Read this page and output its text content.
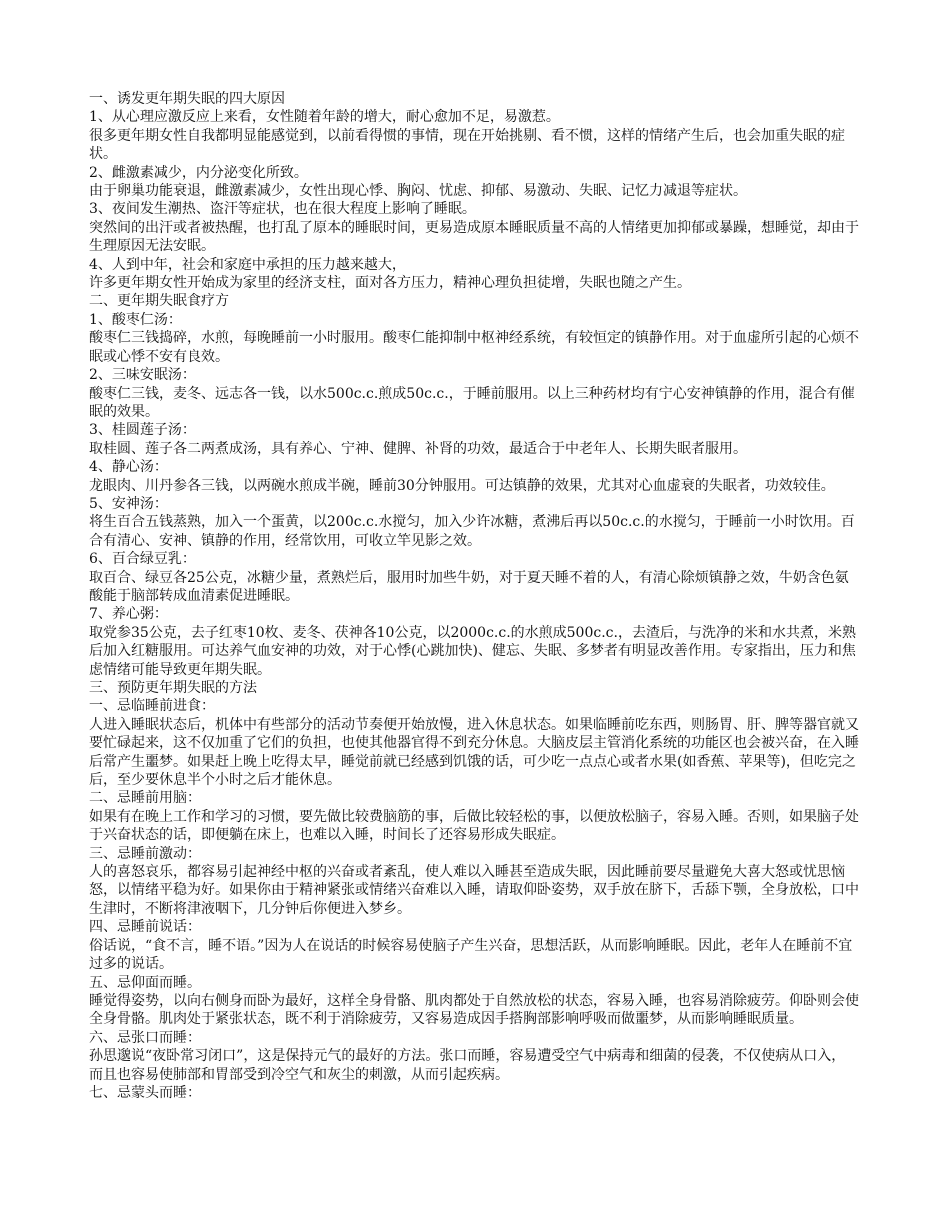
一、诱发更年期失眠的四大原因

1、从心理应激反应上来看，女性随着年龄的增大，耐心愈加不足，易激惹。

很多更年期女性自我都明显能感觉到，以前看得惯的事情，现在开始挑剔、看不惯，这样的情绪产生后，也会加重失眠的症状。

2、雌激素减少，内分泌变化所致。

由于卵巢功能衰退，雌激素减少，女性出现心悸、胸闷、忧虑、抑郁、易激动、失眠、记忆力减退等症状。

3、夜间发生潮热、盗汗等症状，也在很大程度上影响了睡眠。

突然间的出汗或者被热醒，也打乱了原本的睡眠时间，更易造成原本睡眠质量不高的人情绪更加抑郁或暴躁，想睡觉，却由于生理原因无法安眠。

4、人到中年，社会和家庭中承担的压力越来越大，

许多更年期女性开始成为家里的经济支柱，面对各方压力，精神心理负担徒增，失眠也随之产生。

二、更年期失眠食疗方

1、酸枣仁汤：

酸枣仁三钱捣碎，水煎，每晚睡前一小时服用。酸枣仁能抑制中枢神经系统，有较恒定的镇静作用。对于血虚所引起的心烦不眠或心悸不安有良效。

2、三味安眠汤：

酸枣仁三钱，麦冬、远志各一钱，以水500c.c.煎成50c.c.，于睡前服用。以上三种药材均有宁心安神镇静的作用，混合有催眠的效果。

3、桂圆莲子汤：

取桂圆、莲子各二两煮成汤，具有养心、宁神、健脾、补肾的功效，最适合于中老年人、长期失眠者服用。

4、静心汤：

龙眼肉、川丹参各三钱，以两碗水煎成半碗，睡前30分钟服用。可达镇静的效果，尤其对心血虚衰的失眠者，功效较佳。

5、安神汤：

将生百合五钱蒸熟，加入一个蛋黄，以200c.c.水搅匀，加入少许冰糖，煮沸后再以50c.c.的水搅匀，于睡前一小时饮用。百合有清心、安神、镇静的作用，经常饮用，可收立竿见影之效。

6、百合绿豆乳：

取百合、绿豆各25公克，冰糖少量，煮熟烂后，服用时加些牛奶，对于夏天睡不着的人，有清心除烦镇静之效，牛奶含色氨酸能于脑部转成血清素促进睡眠。

7、养心粥：

取党参35公克，去子红枣10枚、麦冬、茯神各10公克，以2000c.c.的水煎成500c.c.，去渣后，与洗净的米和水共煮，米熟后加入红糖服用。可达养气血安神的功效，对于心悸(心跳加快)、健忘、失眠、多梦者有明显改善作用。专家指出，压力和焦虑情绪可能导致更年期失眠。

三、预防更年期失眠的方法

一、忌临睡前进食：

人进入睡眠状态后，机体中有些部分的活动节奏便开始放慢，进入休息状态。如果临睡前吃东西，则肠胃、肝、脾等器官就又要忙碌起来，这不仅加重了它们的负担，也使其他器官得不到充分休息。大脑皮层主管消化系统的功能区也会被兴奋，在入睡后常产生噩梦。如果赶上晚上吃得太早，睡觉前就已经感到饥饿的话，可少吃一点点心或者水果(如香蕉、苹果等)，但吃完之后，至少要休息半个小时之后才能休息。

二、忌睡前用脑：

如果有在晚上工作和学习的习惯，要先做比较费脑筋的事，后做比较轻松的事，以便放松脑子，容易入睡。否则，如果脑子处于兴奋状态的话，即便躺在床上，也难以入睡，时间长了还容易形成失眠症。

三、忌睡前激动：

人的喜怒哀乐，都容易引起神经中枢的兴奋或者紊乱，使人难以入睡甚至造成失眠，因此睡前要尽量避免大喜大怒或忧思恼怒，以情绪平稳为好。如果你由于精神紧张或情绪兴奋难以入睡，请取仰卧姿势，双手放在脐下，舌舔下颚，全身放松，口中生津时，不断将津液咽下，几分钟后你便进入梦乡。

四、忌睡前说话：

俗话说，“食不言，睡不语。”因为人在说话的时候容易使脑子产生兴奋，思想活跃，从而影响睡眠。因此，老年人在睡前不宜过多的说话。

五、忌仰面而睡。

睡觉得姿势，以向右侧身而卧为最好，这样全身骨骼、肌肉都处于自然放松的状态，容易入睡，也容易消除疲劳。仰卧则会使全身骨骼。肌肉处于紧张状态，既不利于消除疲劳，又容易造成因手搭胸部影响呼吸而做噩梦，从而影响睡眠质量。

六、忌张口而睡：

孙思邈说“夜卧常习闭口”，这是保持元气的最好的方法。张口而睡，容易遭受空气中病毒和细菌的侵袭，不仅使病从口入，而且也容易使肺部和胃部受到冷空气和灰尘的刺激，从而引起疾病。

七、忌蒙头而睡：
